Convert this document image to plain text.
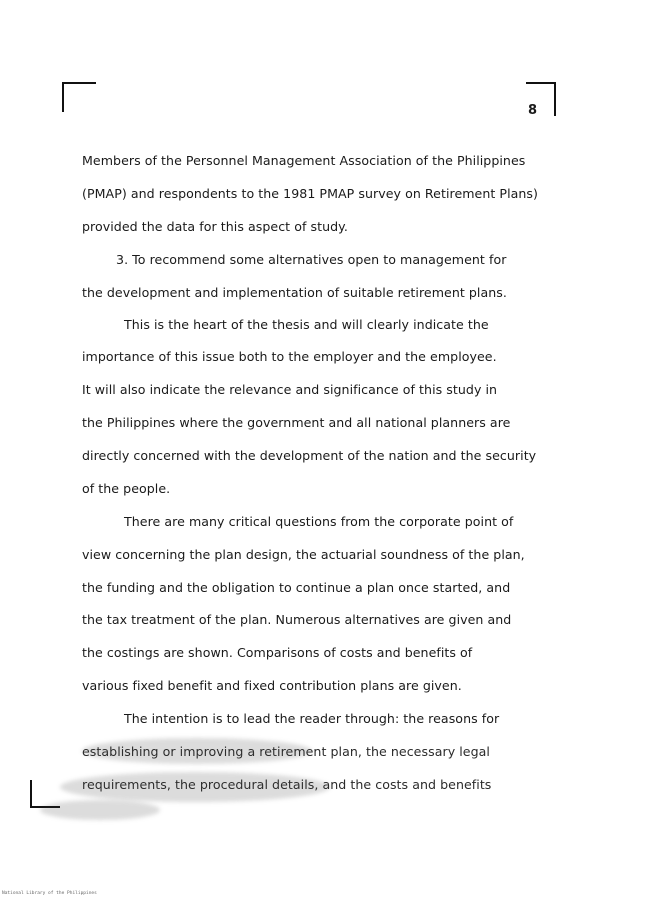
8
Members of the Personnel Management Association of the Philippines
(PMAP) and respondents to the 1981 PMAP survey on Retirement Plans)
provided the data for this aspect of study.
3. To recommend some alternatives open to management for
the development and implementation of suitable retirement plans.
This is the heart of the thesis and will clearly indicate the
importance of this issue both to the employer and the employee.
It will also indicate the relevance and significance of this study in
the Philippines where the government and all national planners are
directly concerned with the development of the nation and the security
of the people.
There are many critical questions from the corporate point of
view concerning the plan design, the actuarial soundness of the plan,
the funding and the obligation to continue a plan once started, and
the tax treatment of the plan. Numerous alternatives are given and
the costings are shown. Comparisons of costs and benefits of
various fixed benefit and fixed contribution plans are given.
The intention is to lead the reader through: the reasons for
establishing or improving a retirement plan, the necessary legal
requirements, the procedural details, and the costs and benefits
National Library of the Philippines
